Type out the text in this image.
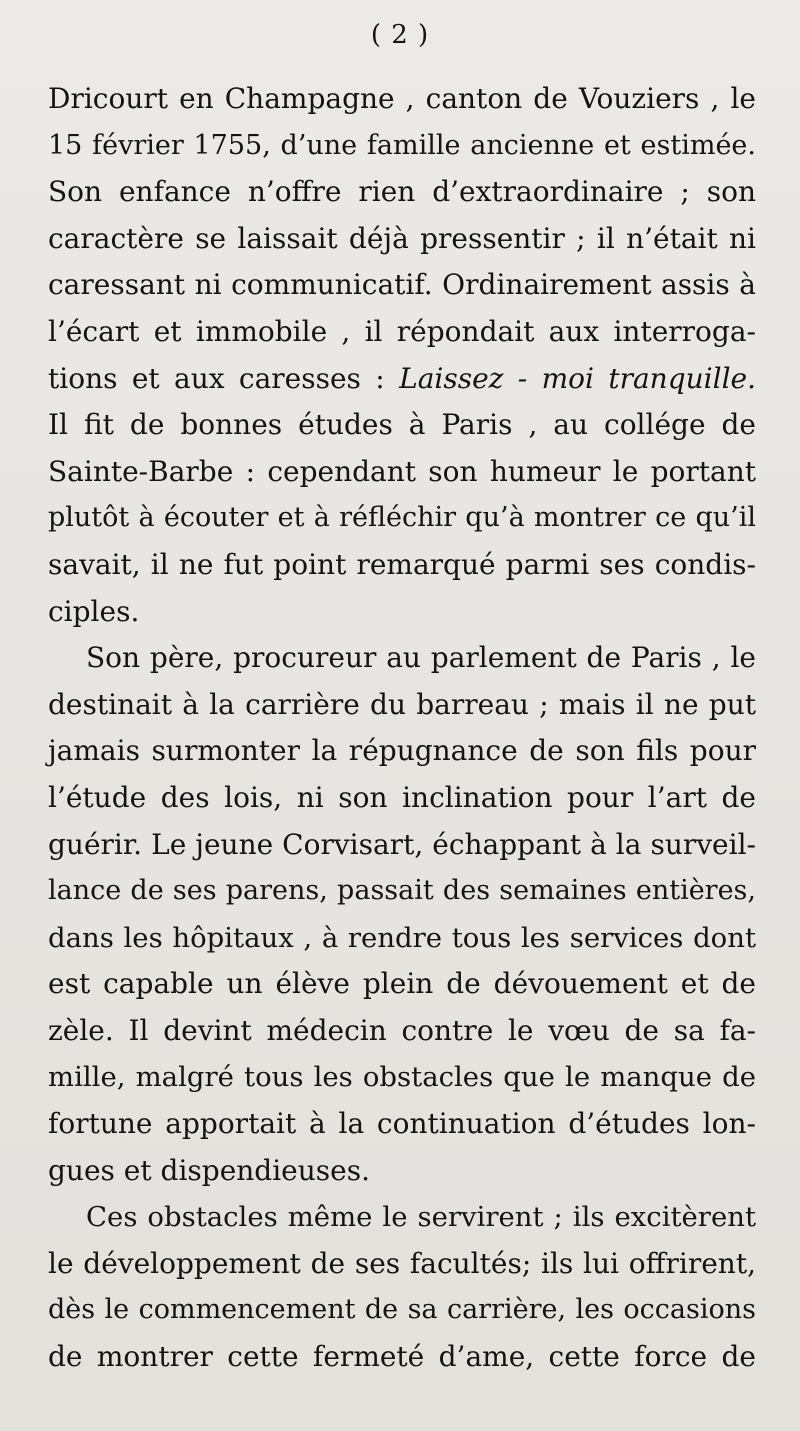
( 2 )
Dricourt en Champagne , canton de Vouziers , le
15 février 1755, d’une famille ancienne et estimée.
Son enfance n’offre rien d’extraordinaire ; son
caractère se laissait déjà pressentir ; il n’était ni
caressant ni communicatif. Ordinairement assis à
l’écart et immobile , il répondait aux interroga-
tions et aux caresses : Laissez - moi tranquille.
Il fit de bonnes études à Paris , au collége de
Sainte-Barbe : cependant son humeur le portant
plutôt à écouter et à réfléchir qu’à montrer ce qu’il
savait, il ne fut point remarqué parmi ses condis-
ciples.
Son père, procureur au parlement de Paris , le
destinait à la carrière du barreau ; mais il ne put
jamais surmonter la répugnance de son fils pour
l’étude des lois, ni son inclination pour l’art de
guérir. Le jeune Corvisart, échappant à la surveil-
lance de ses parens, passait des semaines entières,
dans les hôpitaux , à rendre tous les services dont
est capable un élève plein de dévouement et de
zèle. Il devint médecin contre le vœu de sa fa-
mille, malgré tous les obstacles que le manque de
fortune apportait à la continuation d’études lon-
gues et dispendieuses.
Ces obstacles même le servirent ; ils excitèrent
le développement de ses facultés; ils lui offrirent,
dès le commencement de sa carrière, les occasions
de montrer cette fermeté d’ame, cette force de
